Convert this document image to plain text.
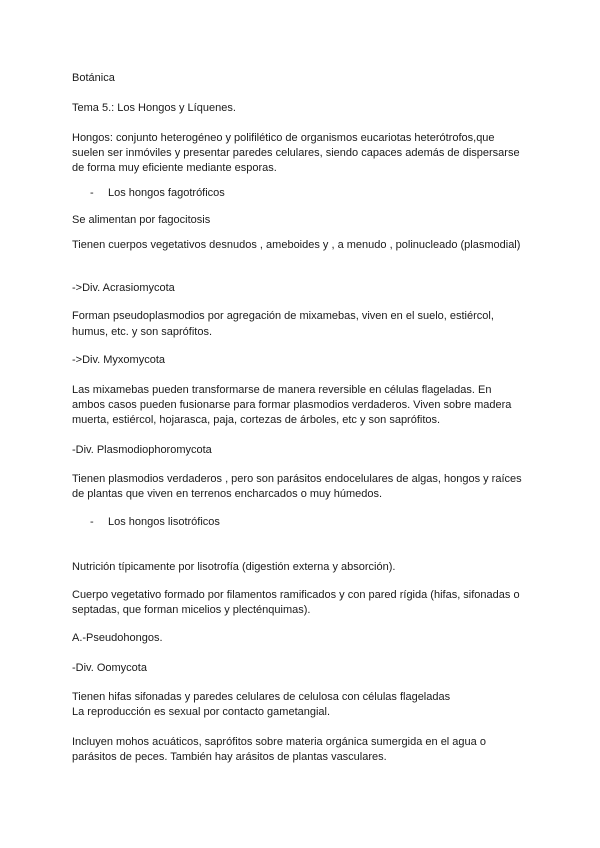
Botánica
Tema 5.: Los Hongos y Líquenes.
Hongos: conjunto heterogéneo y polifilético de organismos eucariotas heterótrofos,que
suelen ser inmóviles y presentar paredes celulares, siendo capaces además de dispersarse
de forma muy eficiente mediante esporas.
- Los hongos fagotróficos
Se alimentan por fagocitosis
Tienen cuerpos vegetativos desnudos , ameboides y , a menudo , polinucleado (plasmodial)
->Div. Acrasiomycota
Forman pseudoplasmodios por agregación de mixamebas, viven en el suelo, estiércol,
humus, etc. y son saprófitos.
->Div. Myxomycota
Las mixamebas pueden transformarse de manera reversible en células flageladas. En
ambos casos pueden fusionarse para formar plasmodios verdaderos. Viven sobre madera
muerta, estiércol, hojarasca, paja, cortezas de árboles, etc y son saprófitos.
-Div. Plasmodiophoromycota
Tienen plasmodios verdaderos , pero son parásitos endocelulares de algas, hongos y raíces
de plantas que viven en terrenos encharcados o muy húmedos.
- Los hongos lisotróficos
Nutrición típicamente por lisotrofía (digestión externa y absorción).
Cuerpo vegetativo formado por filamentos ramificados y con pared rígida (hifas, sifonadas o
septadas, que forman micelios y plecténquimas).
A.-Pseudohongos.
-Div. Oomycota
Tienen hifas sifonadas y paredes celulares de celulosa con células flageladas
La reproducción es sexual por contacto gametangial.
Incluyen mohos acuáticos, saprófitos sobre materia orgánica sumergida en el agua o
parásitos de peces. También hay arásitos de plantas vasculares.
